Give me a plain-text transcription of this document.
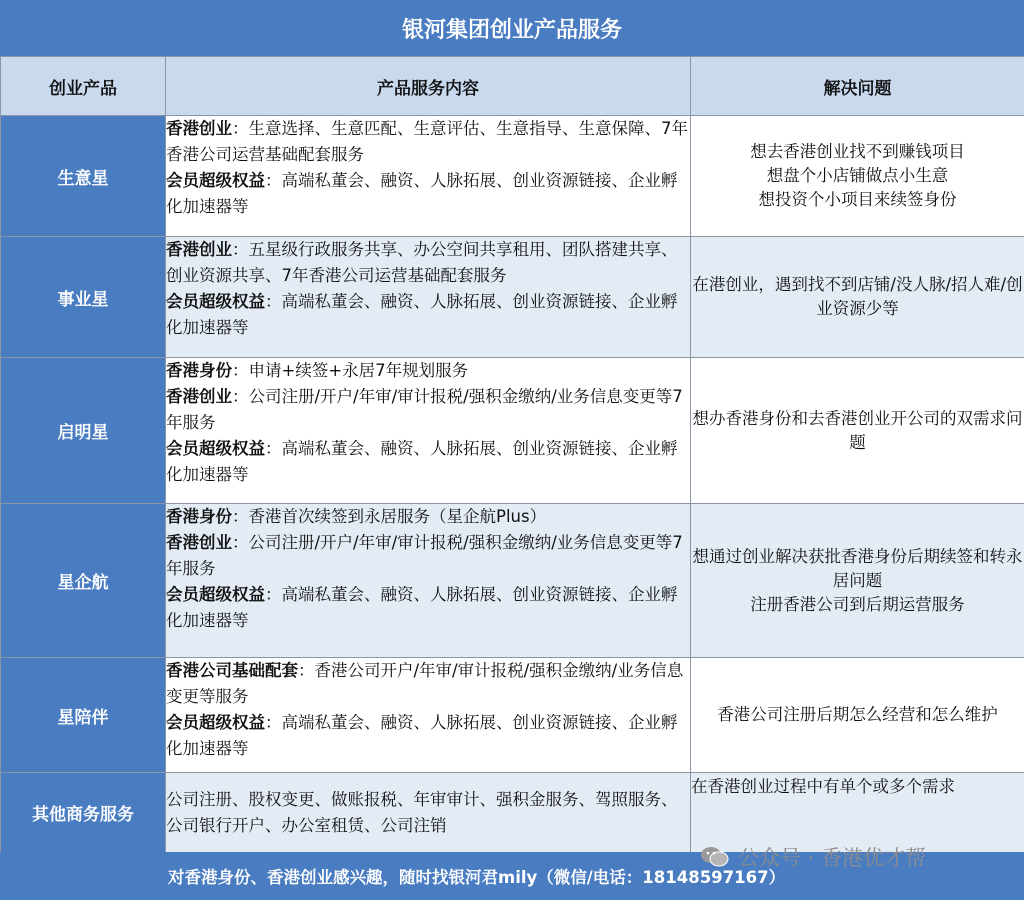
银河集团创业产品服务
创业产品	产品服务内容	解决问题
生意星	香港创业：生意选择、生意匹配、生意评估、生意指导、生意保障、7年香港公司运营基础配套服务
会员超级权益：高端私董会、融资、人脉拓展、创业资源链接、企业孵化加速器等	想去香港创业找不到赚钱项目
想盘个小店铺做点小生意
想投资个小项目来续签身份

事业星	香港创业：五星级行政服务共享、办公空间共享租用、团队搭建共享、创业资源共享、7年香港公司运营基础配套服务
会员超级权益：高端私董会、融资、人脉拓展、创业资源链接、企业孵化加速器等	在港创业，遇到找不到店铺/没人脉/招人难/创业资源少等

启明星	香港身份：申请+续签+永居7年规划服务
香港创业：公司注册/开户/年审/审计报税/强积金缴纳/业务信息变更等7年服务
会员超级权益：高端私董会、融资、人脉拓展、创业资源链接、企业孵化加速器等	想办香港身份和去香港创业开公司的双需求问题

星企航	香港身份：香港首次续签到永居服务（星企航Plus）
香港创业：公司注册/开户/年审/审计报税/强积金缴纳/业务信息变更等7年服务
会员超级权益：高端私董会、融资、人脉拓展、创业资源链接、企业孵化加速器等	想通过创业解决获批香港身份后期续签和转永居问题
注册香港公司到后期运营服务

星陪伴	香港公司基础配套：香港公司开户/年审/审计报税/强积金缴纳/业务信息变更等服务
会员超级权益：高端私董会、融资、人脉拓展、创业资源链接、企业孵化加速器等	香港公司注册后期怎么经营和怎么维护

其他商务服务	公司注册、股权变更、做账报税、年审审计、强积金服务、驾照服务、公司银行开户、办公室租赁、公司注销	在香港创业过程中有单个或多个需求
对香港身份、香港创业感兴趣，随时找银河君mily（微信/电话：18148597167）
公众号 · 香港优才帮
